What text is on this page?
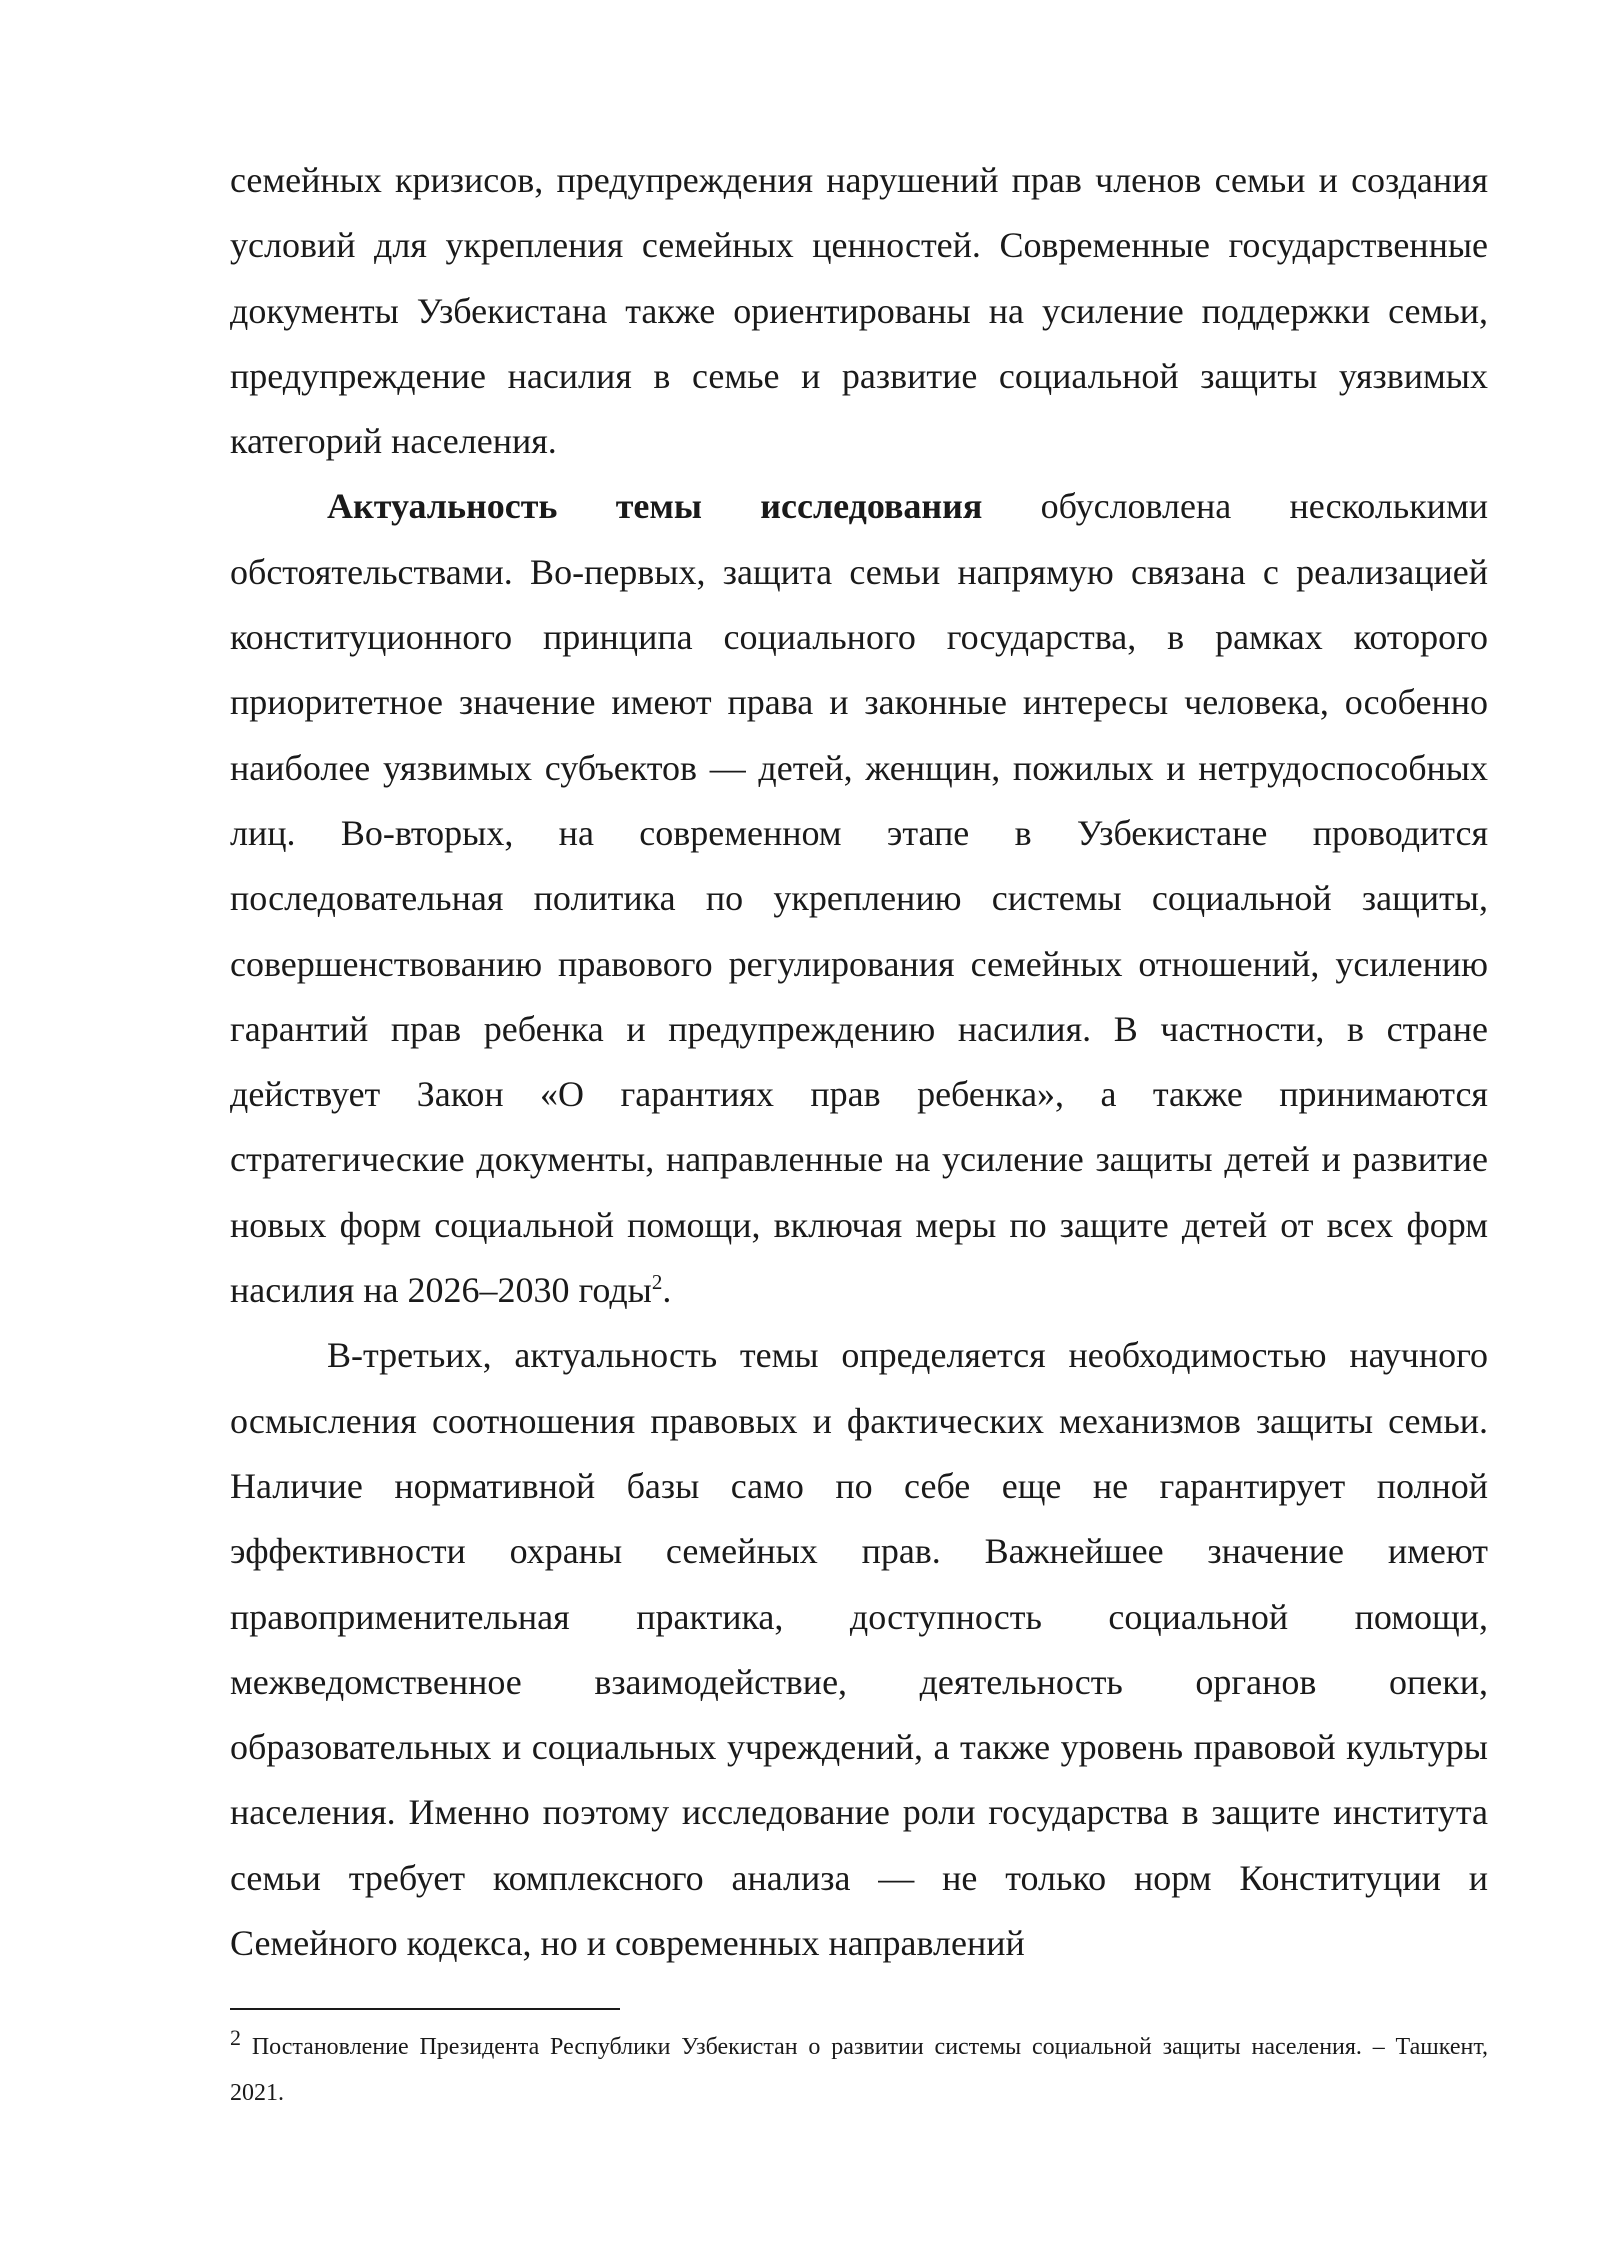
семейных кризисов, предупреждения нарушений прав членов семьи и создания условий для укрепления семейных ценностей. Современные государственные документы Узбекистана также ориентированы на усиление поддержки семьи, предупреждение насилия в семье и развитие социальной защиты уязвимых категорий населения.

Актуальность темы исследования обусловлена несколькими обстоятельствами. Во-первых, защита семьи напрямую связана с реализацией конституционного принципа социального государства, в рамках которого приоритетное значение имеют права и законные интересы человека, особенно наиболее уязвимых субъектов — детей, женщин, пожилых и нетрудоспособных лиц. Во-вторых, на современном этапе в Узбекистане проводится последовательная политика по укреплению системы социальной защиты, совершенствованию правового регулирования семейных отношений, усилению гарантий прав ребенка и предупреждению насилия. В частности, в стране действует Закон «О гарантиях прав ребенка», а также принимаются стратегические документы, направленные на усиление защиты детей и развитие новых форм социальной помощи, включая меры по защите детей от всех форм насилия на 2026–2030 годы$^2$.

В-третьих, актуальность темы определяется необходимостью научного осмысления соотношения правовых и фактических механизмов защиты семьи. Наличие нормативной базы само по себе еще не гарантирует полной эффективности охраны семейных прав. Важнейшее значение имеют правоприменительная практика, доступность социальной помощи, межведомственное взаимодействие, деятельность органов опеки, образовательных и социальных учреждений, а также уровень правовой культуры населения. Именно поэтому исследование роли государства в защите института семьи требует комплексного анализа — не только норм Конституции и Семейного кодекса, но и современных направлений

2 Постановление Президента Республики Узбекистан о развитии системы социальной защиты населения. – Ташкент, 2021.
